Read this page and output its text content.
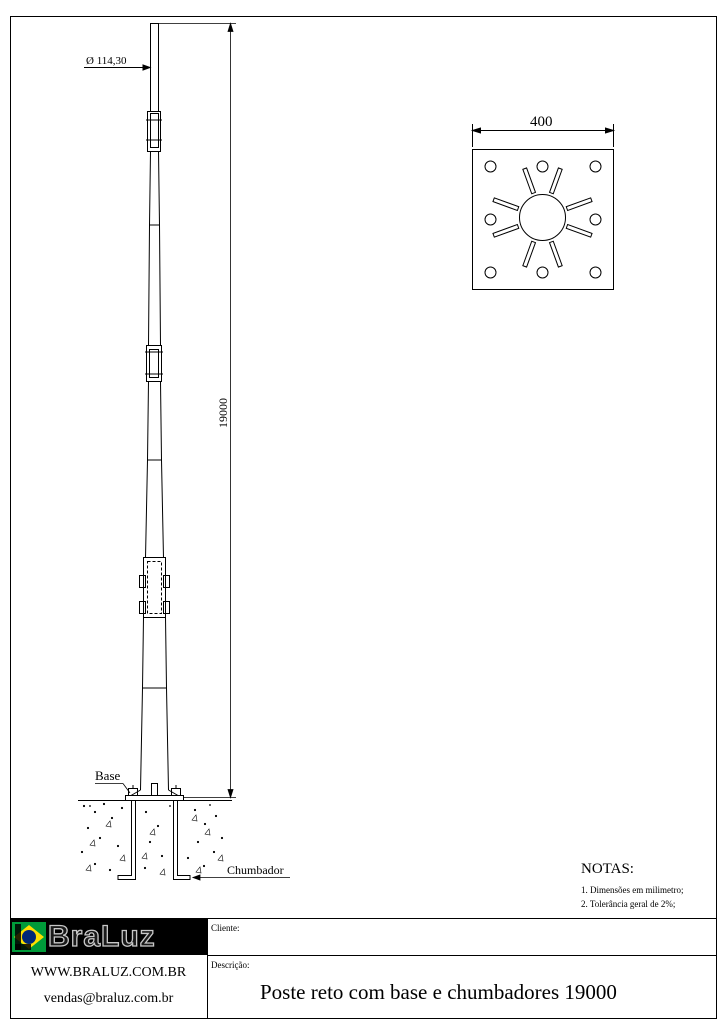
Ø 114,30
19000
Base
Chumbador
400
NOTAS:
1. Dimensões em milimetro;
2. Tolerância geral de 2%;
BraLuz
WWW.BRALUZ.COM.BR
vendas@braluz.com.br
Cliente:
Descrição:
Poste reto com base e chumbadores 19000
